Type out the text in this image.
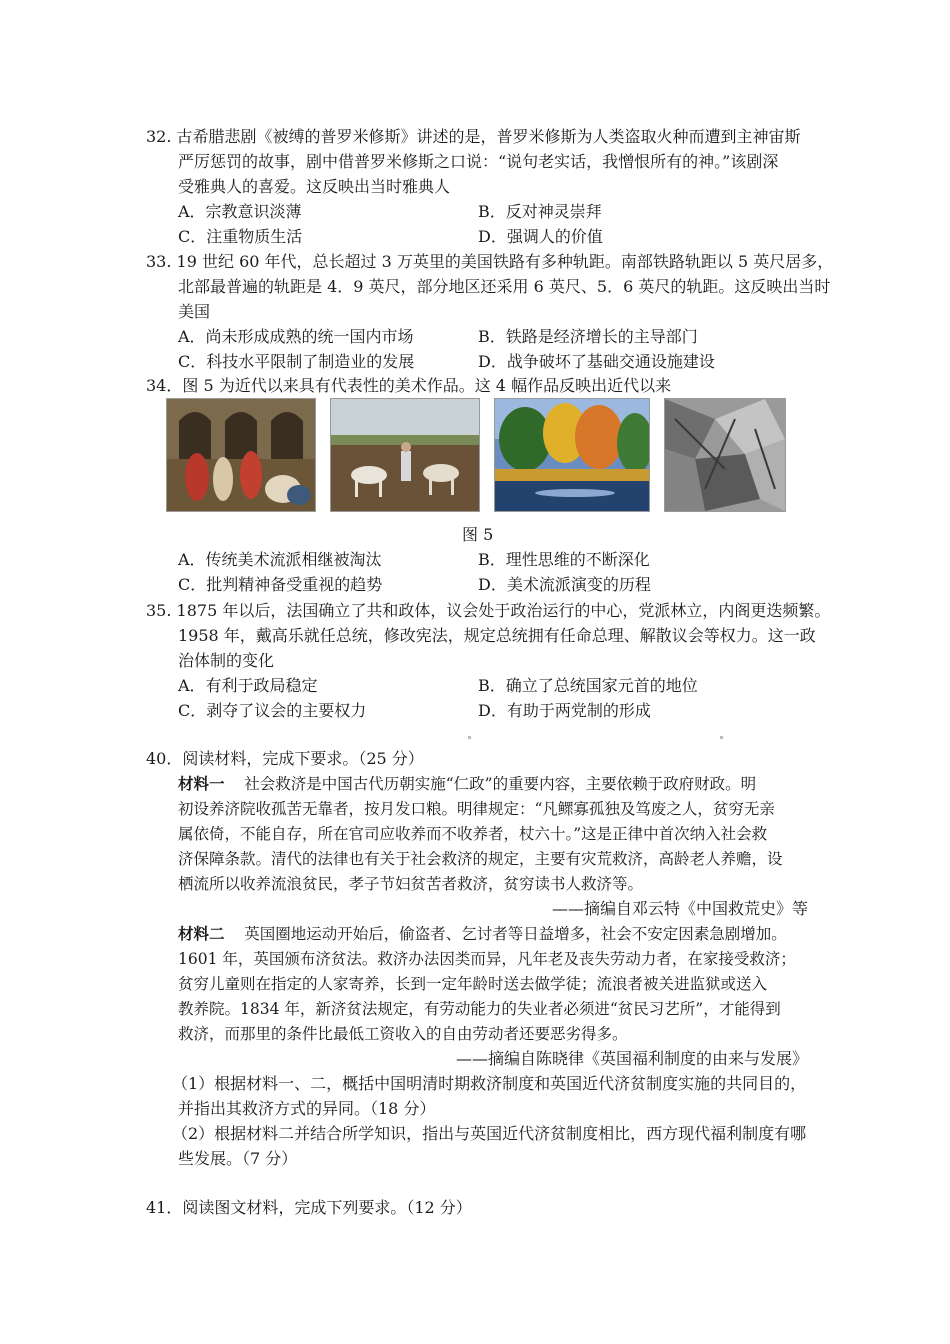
32. 古希腊悲剧《被缚的普罗米修斯》讲述的是，普罗米修斯为人类盗取火种而遭到主神宙斯
严厉惩罚的故事，剧中借普罗米修斯之口说：“说句老实话，我憎恨所有的神。”该剧深
受雅典人的喜爱。这反映出当时雅典人
A．宗教意识淡薄	B．反对神灵崇拜
C．注重物质生活	D．强调人的价值
33. 19 世纪 60 年代，总长超过 3 万英里的美国铁路有多种轨距。南部铁路轨距以 5 英尺居多，
北部最普遍的轨距是 4．9 英尺，部分地区还采用 6 英尺、5．6 英尺的轨距。这反映出当时
美国
A．尚未形成成熟的统一国内市场	B．铁路是经济增长的主导部门
C．科技水平限制了制造业的发展	D．战争破坏了基础交通设施建设
34．图 5 为近代以来具有代表性的美术作品。这 4 幅作品反映出近代以来
图 5
A．传统美术流派相继被淘汰	B．理性思维的不断深化
C．批判精神备受重视的趋势	D．美术流派演变的历程
35. 1875 年以后，法国确立了共和政体，议会处于政治运行的中心，党派林立，内阁更迭频繁。
1958 年，戴高乐就任总统，修改宪法，规定总统拥有任命总理、解散议会等权力。这一政
治体制的变化
A．有利于政局稳定	B．确立了总统国家元首的地位
C．剥夺了议会的主要权力	D．有助于两党制的形成
40．阅读材料，完成下要求。（25 分）
材料一 社会救济是中国古代历朝实施“仁政”的重要内容，主要依赖于政府财政。明
初设养济院收孤苦无靠者，按月发口粮。明律规定：“凡鳏寡孤独及笃废之人，贫穷无亲
属依倚，不能自存，所在官司应收养而不收养者，杖六十。”这是正律中首次纳入社会救
济保障条款。清代的法律也有关于社会救济的规定，主要有灾荒救济，高龄老人养赡，设
栖流所以收养流浪贫民，孝子节妇贫苦者救济，贫穷读书人救济等。
——摘编自邓云特《中国救荒史》等
材料二 英国圈地运动开始后，偷盗者、乞讨者等日益增多，社会不安定因素急剧增加。
1601 年，英国颁布济贫法。救济办法因类而异，凡年老及丧失劳动力者，在家接受救济；
贫穷儿童则在指定的人家寄养，长到一定年龄时送去做学徒；流浪者被关进监狱或送入
教养院。1834 年，新济贫法规定，有劳动能力的失业者必须进“贫民习艺所”，才能得到
救济，而那里的条件比最低工资收入的自由劳动者还要恶劣得多。
——摘编自陈晓律《英国福利制度的由来与发展》
（1）根据材料一、二，概括中国明清时期救济制度和英国近代济贫制度实施的共同目的，
并指出其救济方式的异同。（18 分）
（2）根据材料二并结合所学知识，指出与英国近代济贫制度相比，西方现代福利制度有哪
些发展。（7 分）
41．阅读图文材料，完成下列要求。（12 分）
